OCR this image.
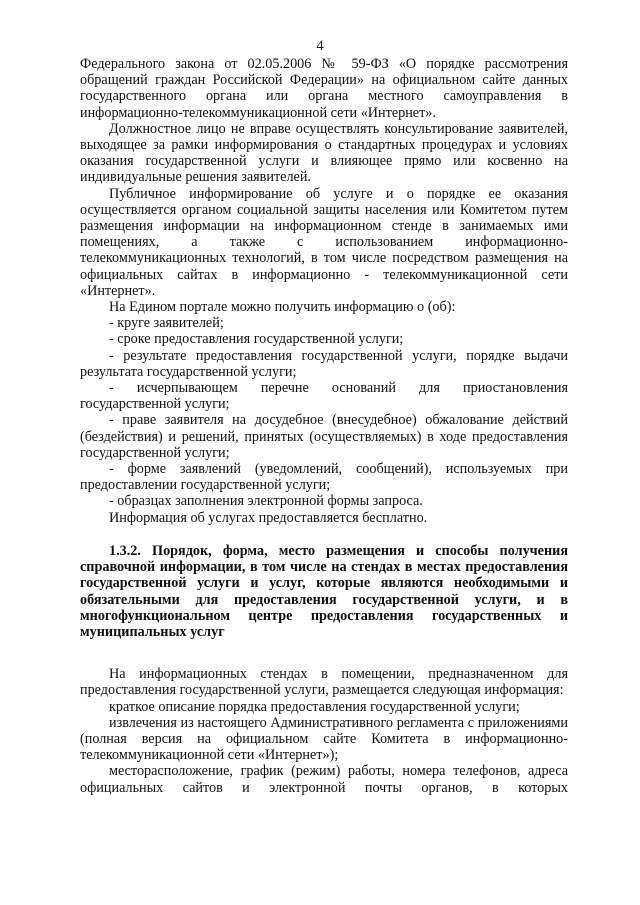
4

Федерального закона от 02.05.2006 № 59-ФЗ «О порядке рассмотрения обращений граждан Российской Федерации» на официальном сайте данных государственного органа или органа местного самоуправления в информационно-телекоммуникационной сети «Интернет».

Должностное лицо не вправе осуществлять консультирование заявителей, выходящее за рамки информирования о стандартных процедурах и условиях оказания государственной услуги и влияющее прямо или косвенно на индивидуальные решения заявителей.

Публичное информирование об услуге и о порядке ее оказания осуществляется органом социальной защиты населения или Комитетом путем размещения информации на информационном стенде в занимаемых ими помещениях, а также с использованием информационно-телекоммуникационных технологий, в том числе посредством размещения на официальных сайтах в информационно - телекоммуникационной сети «Интернет».

На Едином портале можно получить информацию о (об):

- круге заявителей;

- сроке предоставления государственной услуги;

- результате предоставления государственной услуги, порядке выдачи результата государственной услуги;

- исчерпывающем перечне оснований для приостановления государственной услуги;

- праве заявителя на досудебное (внесудебное) обжалование действий (бездействия) и решений, принятых (осуществляемых) в ходе предоставления государственной услуги;

- форме заявлений (уведомлений, сообщений), используемых при предоставлении государственной услуги;

- образцах заполнения электронной формы запроса.

Информация об услугах предоставляется бесплатно.

1.3.2. Порядок, форма, место размещения и способы получения справочной информации, в том числе на стендах в местах предоставления государственной услуги и услуг, которые являются необходимыми и обязательными для предоставления государственной услуги, и в многофункциональном центре предоставления государственных и муниципальных услуг

На информационных стендах в помещении, предназначенном для предоставления государственной услуги, размещается следующая информация:

краткое описание порядка предоставления государственной услуги;

извлечения из настоящего Административного регламента с приложениями (полная версия на официальном сайте Комитета в информационно-телекоммуникационной сети «Интернет»);

месторасположение, график (режим) работы, номера телефонов, адреса официальных сайтов и электронной почты органов, в которых
